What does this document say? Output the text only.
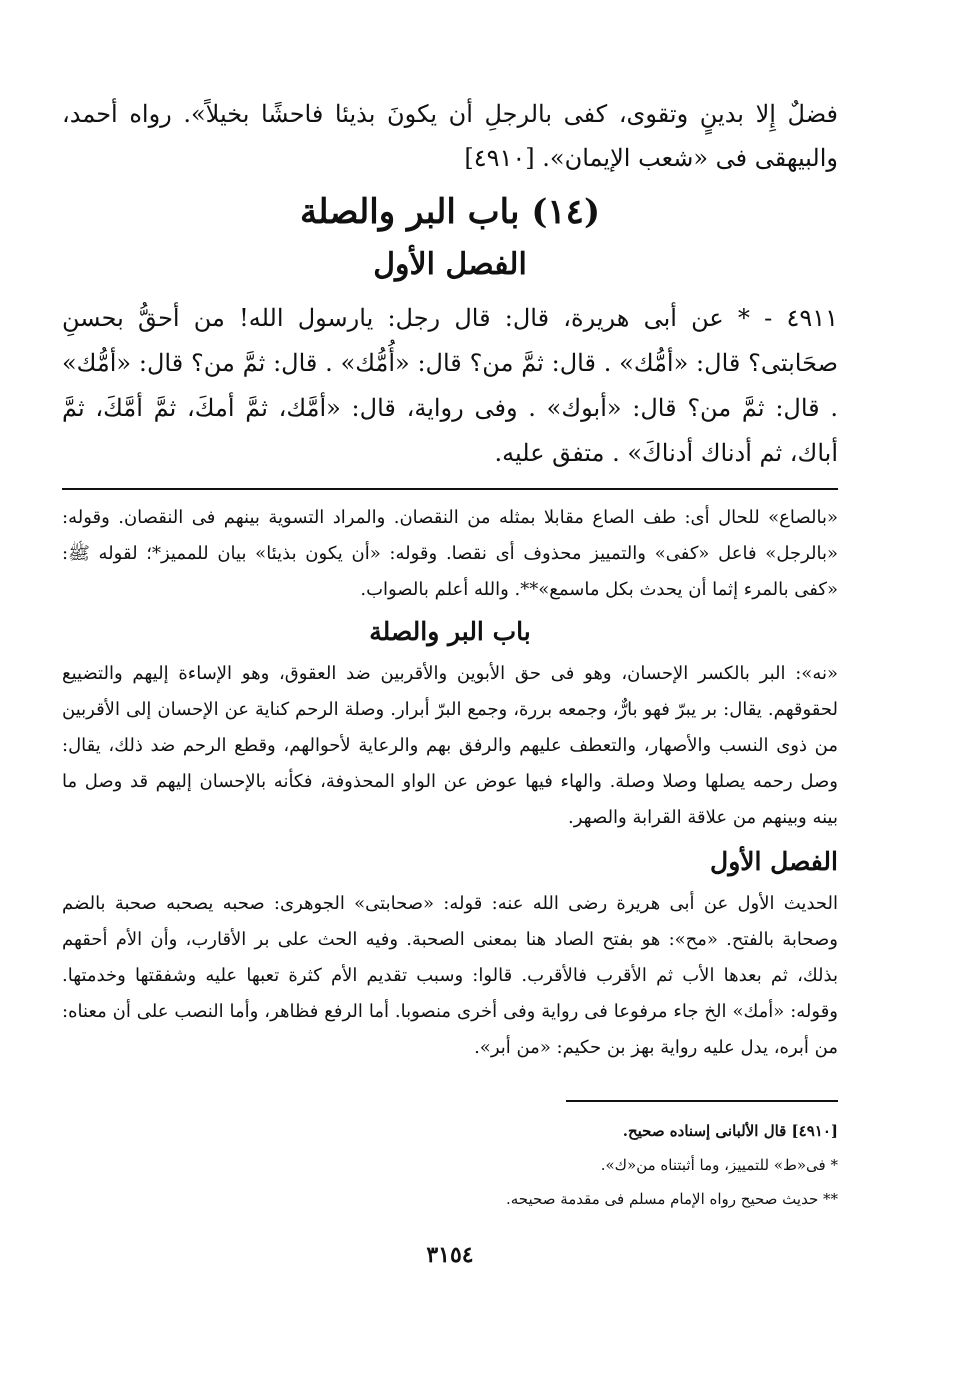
فضلٌ إِلا بدينٍ وتقوى، كفى بالرجلِ أن يكونَ بذيئا فاحشًا بخيلاً». رواه أحمد، والبيهقى فى «شعب الإيمان». [٤٩١٠]

(١٤) باب البر والصلة
الفصل الأول

٤٩١١ - * عن أبى هريرة، قال: قال رجل: يارسول الله! من أحقُّ بحسنِ صحَابتى؟ قال: «أمُّك» . قال: ثمَّ من؟ قال: «أُمُّك» . قال: ثمَّ من؟ قال: «أمُّك» . قال: ثمَّ من؟ قال: «أبوك» . وفى رواية، قال: «أمَّك، ثمَّ أمكَ، ثمَّ أمَّكَ، ثمَّ أباك، ثم أدناك أدناكَ» . متفق عليه.

«بالصاع» للحال أى: طف الصاع مقابلا بمثله من النقصان. والمراد التسوية بينهم فى النقصان. وقوله: «بالرجل» فاعل «كفى» والتمييز محذوف أى نقصا. وقوله: «أن يكون بذيئا» بيان للمميز*؛ لقوله ﷺ: «كفى بالمرء إثما أن يحدث بكل ماسمع»**. والله أعلم بالصواب.

باب البر والصلة

«نه»: البر بالكسر الإحسان، وهو فى حق الأبوين والأقربين ضد العقوق، وهو الإساءة إليهم والتضييع لحقوقهم. يقال: بر يبرّ فهو بارٌّ، وجمعه بررة، وجمع البرّ أبرار. وصلة الرحم كناية عن الإحسان إلى الأقربين من ذوى النسب والأصهار، والتعطف عليهم والرفق بهم والرعاية لأحوالهم، وقطع الرحم ضد ذلك، يقال: وصل رحمه يصلها وصلا وصلة. والهاء فيها عوض عن الواو المحذوفة، فكأنه بالإحسان إليهم قد وصل ما بينه وبينهم من علاقة القرابة والصهر.

الفصل الأول

الحديث الأول عن أبى هريرة رضى الله عنه: قوله: «صحابتى» الجوهرى: صحبه يصحبه صحبة بالضم وصحابة بالفتح. «مح»: هو بفتح الصاد هنا بمعنى الصحبة. وفيه الحث على بر الأقارب، وأن الأم أحقهم بذلك، ثم بعدها الأب ثم الأقرب فالأقرب. قالوا: وسبب تقديم الأم كثرة تعبها عليه وشفقتها وخدمتها. وقوله: «أمك» الخ جاء مرفوعا فى رواية وفى أخرى منصوبا. أما الرفع فظاهر، وأما النصب على أن معناه: من أبره، يدل عليه رواية بهز بن حكيم: «من أبر».

[٤٩١٠] قال الألبانى إسناده صحيح.

* فى«ط» للتمييز، وما أثبتناه من«ك».

** حديث صحيح رواه الإمام مسلم فى مقدمة صحيحه.

٣١٥٤
